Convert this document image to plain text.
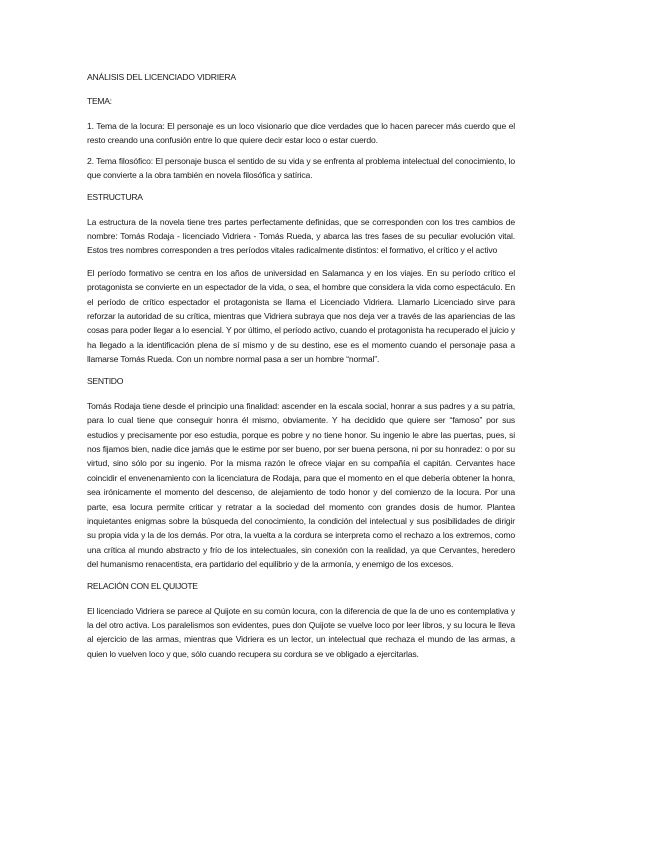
ANÁLISIS DEL LICENCIADO VIDRIERA
TEMA:

1. Tema de la locura: El personaje es un loco visionario que dice verdades que lo hacen parecer más cuerdo que el resto creando una confusión entre lo que quiere decir estar loco o estar cuerdo.

2. Tema filosófico: El personaje busca el sentido de su vida y se enfrenta al problema intelectual del conocimiento, lo que convierte a la obra también en novela filosófica y satírica.

ESTRUCTURA

La estructura de la novela tiene tres partes perfectamente definidas, que se corresponden con los tres cambios de nombre: Tomás Rodaja - licenciado Vidriera - Tomás Rueda, y abarca las tres fases de su peculiar evolución vital. Estos tres nombres corresponden a tres períodos vitales radicalmente distintos: el formativo, el crítico y el activo

El período formativo se centra en los años de universidad en Salamanca y en los viajes. En su período crítico el protagonista se convierte en un espectador de la vida, o sea, el hombre que considera la vida como espectáculo. En el período de crítico espectador el protagonista se llama el Licenciado Vidriera. Llamarlo Licenciado sirve para reforzar la autoridad de su crítica, mientras que Vidriera subraya que nos deja ver a través de las apariencias de las cosas para poder llegar a lo esencial. Y por último, el período activo, cuando el protagonista ha recuperado el juicio y ha llegado a la identificación plena de sí mismo y de su destino, ese es el momento cuando el personaje pasa a llamarse Tomás Rueda. Con un nombre normal pasa a ser un hombre “normal”.

SENTIDO

Tomás Rodaja tiene desde el principio una finalidad: ascender en la escala social, honrar a sus padres y a su patria, para lo cual tiene que conseguir honra él mismo, obviamente. Y ha decidido que quiere ser “famoso” por sus estudios y precisamente por eso estudia, porque es pobre y no tiene honor. Su ingenio le abre las puertas, pues, si nos fijamos bien, nadie dice jamás que le estime por ser bueno, por ser buena persona, ni por su honradez: o por su virtud, sino sólo por su ingenio. Por la misma razón le ofrece viajar en su compañía el capitán. Cervantes hace coincidir el envenenamiento con la licenciatura de Rodaja, para que el momento en el que debería obtener la honra, sea irónicamente el momento del descenso, de alejamiento de todo honor y del comienzo de la locura. Por una parte, esa locura permite criticar y retratar a la sociedad del momento con grandes dosis de humor. Plantea inquietantes enigmas sobre la búsqueda del conocimiento, la condición del intelectual y sus posibilidades de dirigir su propia vida y la de los demás. Por otra, la vuelta a la cordura se interpreta como el rechazo a los extremos, como una crítica al mundo abstracto y frío de los intelectuales, sin conexión con la realidad, ya que Cervantes, heredero del humanismo renacentista, era partidario del equilibrio y de la armonía, y enemigo de los excesos.

RELACIÓN CON EL QUIJOTE

El licenciado Vidriera se parece al Quijote en su común locura, con la diferencia de que la de uno es contemplativa y la del otro activa. Los paralelismos son evidentes, pues don Quijote se vuelve loco por leer libros, y su locura le lleva al ejercicio de las armas, mientras que Vidriera es un lector, un intelectual que rechaza el mundo de las armas, a quien lo vuelven loco y que, sólo cuando recupera su cordura se ve obligado a ejercitarlas.
